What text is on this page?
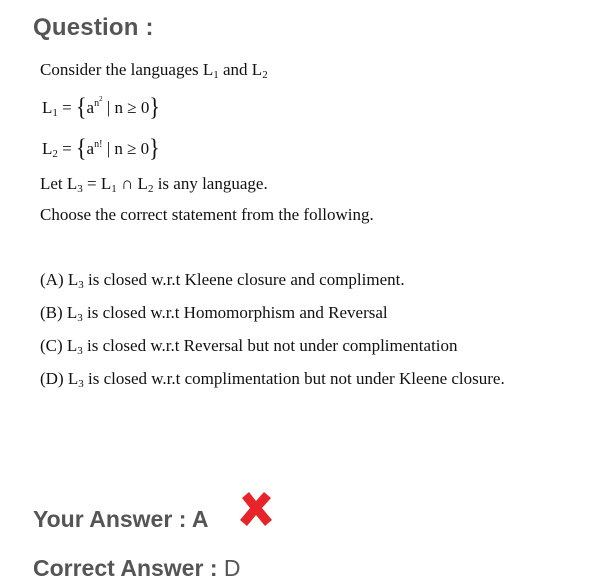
Question :
Consider the languages $L_1$ and $L_2$
$L_1 = \{a^{n2}$ | n ≥ 0}
$L_2 = \{a^{n!}$ | n ≥ 0}
Let $L_3 = L_1$ ∩ $L_2$ is any language.
Choose the correct statement from the following.
(A) $L_3$ is closed w.r.t Kleene closure and compliment.
(B) $L_3$ is closed w.r.t Homomorphism and Reversal
(C) $L_3$ is closed w.r.t Reversal but not under complimentation
(D) $L_3$ is closed w.r.t complimentation but not under Kleene closure.
Your Answer : A
Correct Answer : D
